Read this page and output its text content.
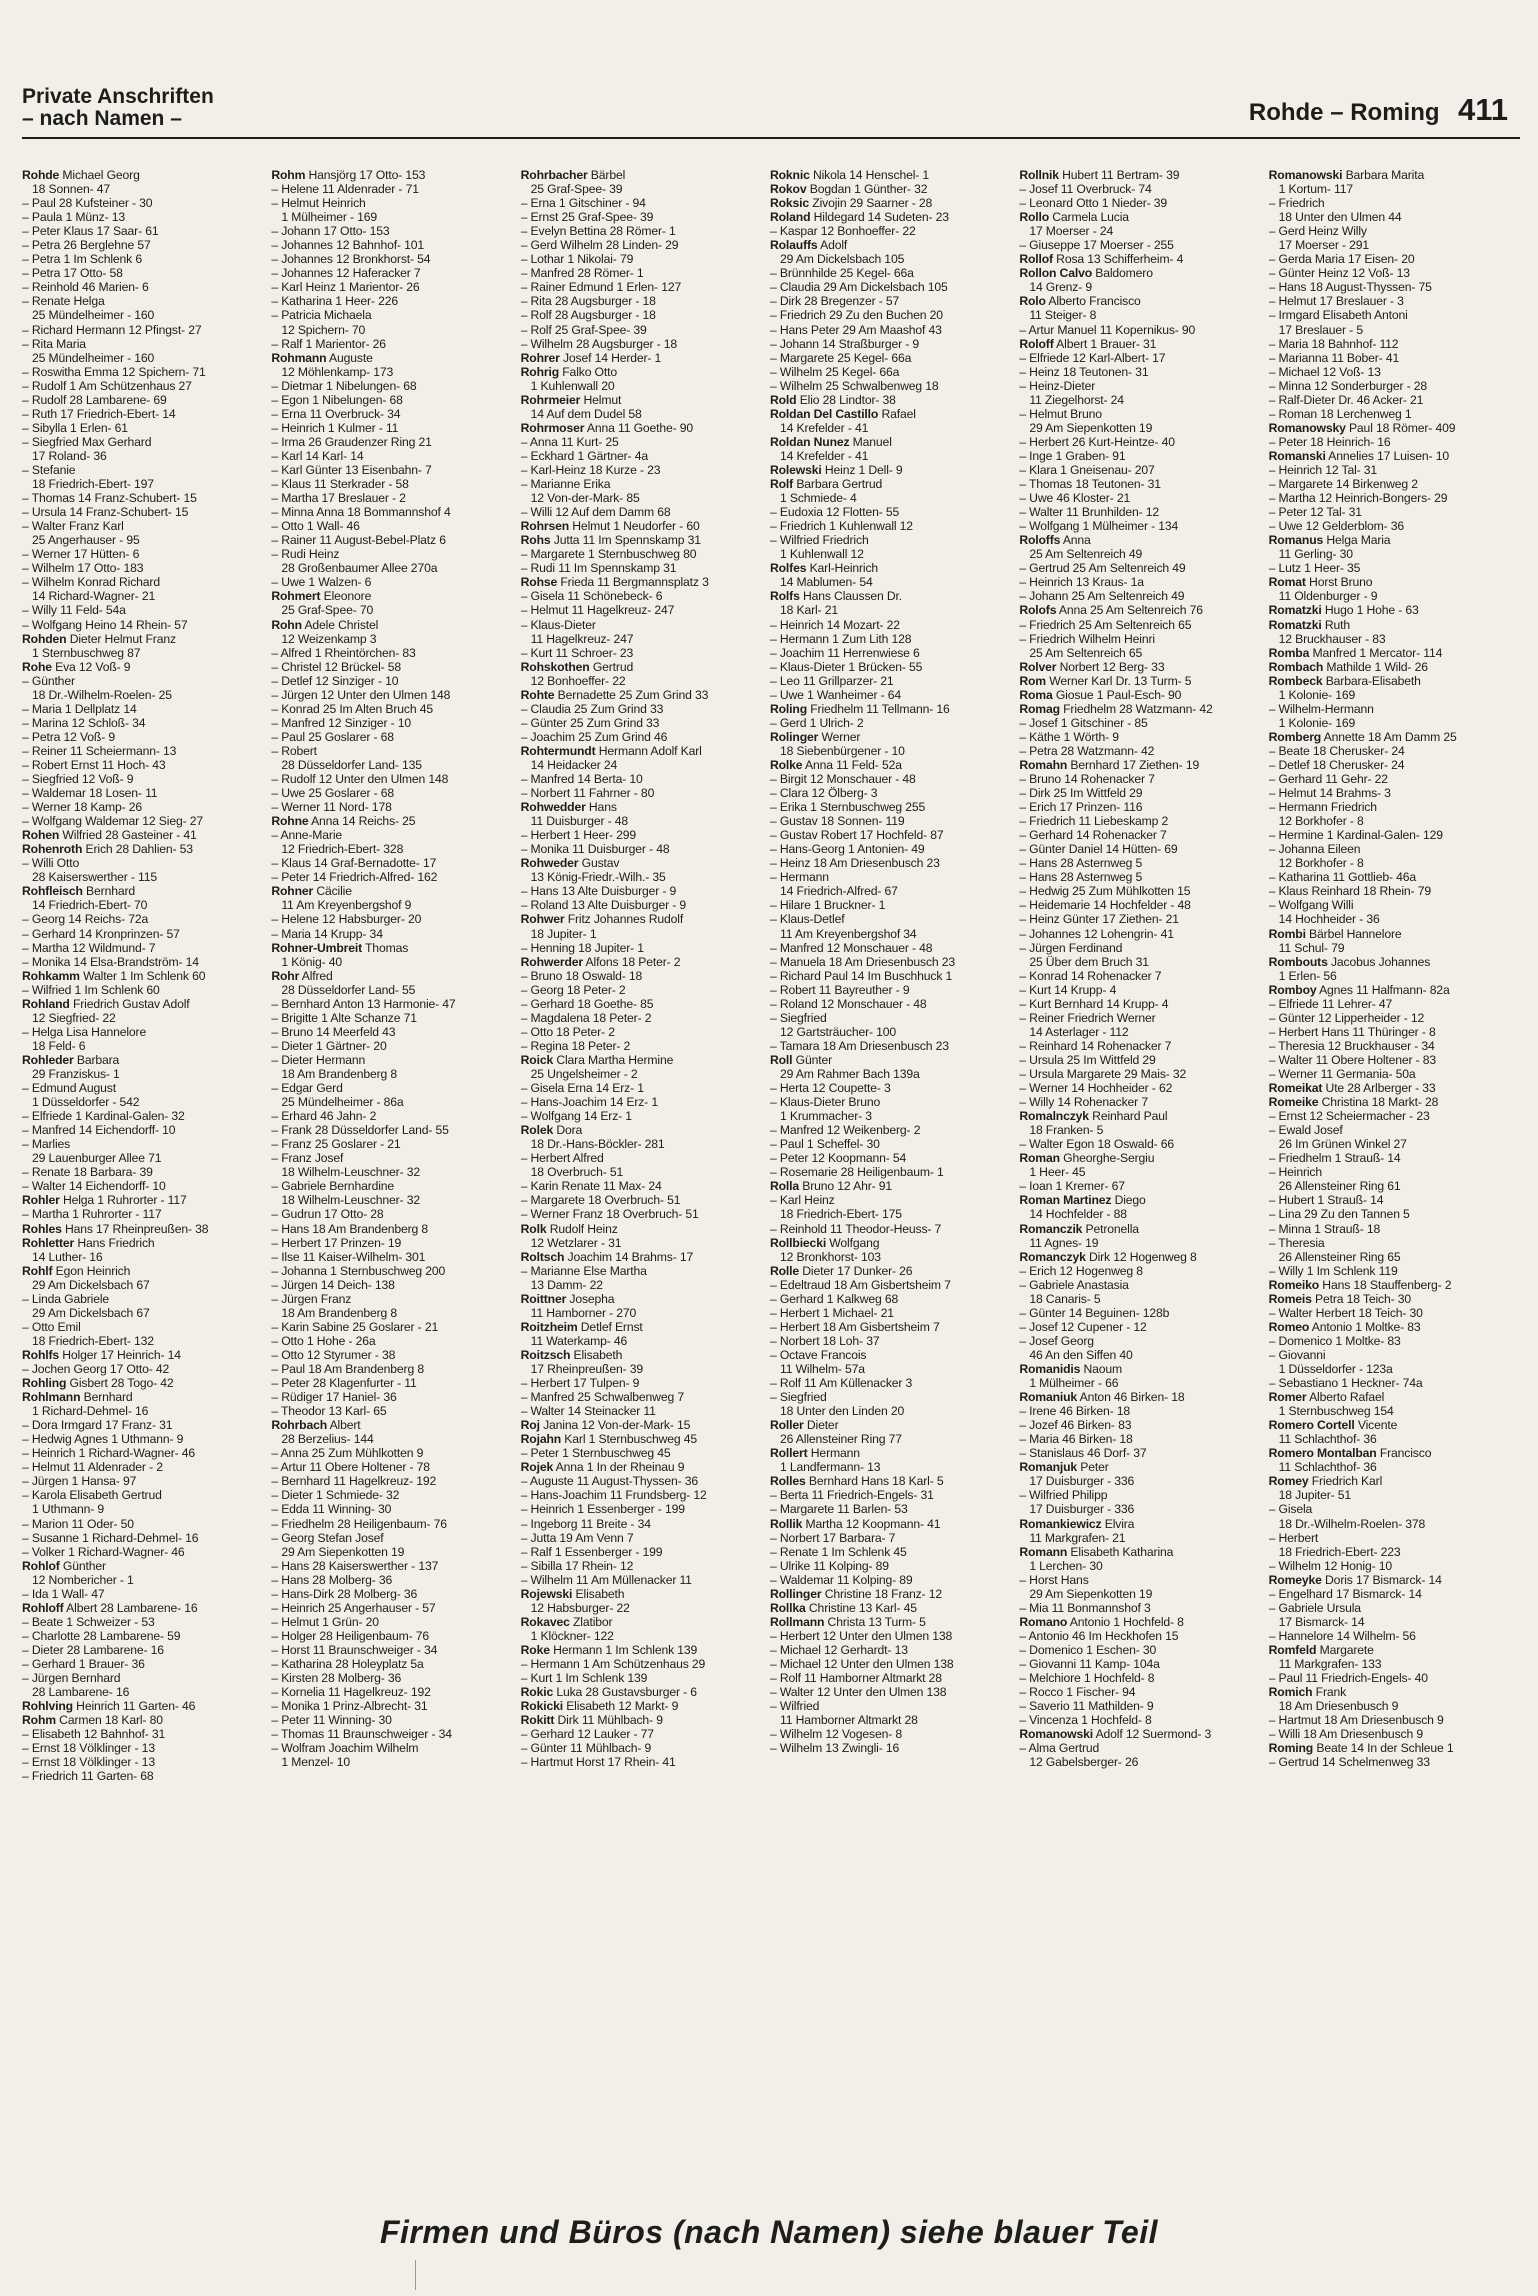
Private Anschriften
– nach Namen –	Rohde – Roming 411
Rohde Michael Georg
18 Sonnen- 47
– Paul 28 Kufsteiner - 30
– Paula 1 Münz- 13
– Peter Klaus 17 Saar- 61
– Petra 26 Berglehne 57
– Petra 1 Im Schlenk 6
– Petra 17 Otto- 58
– Reinhold 46 Marien- 6
– Renate Helga
25 Mündelheimer - 160
– Richard Hermann 12 Pfingst- 27
– Rita Maria
25 Mündelheimer - 160
– Roswitha Emma 12 Spichern- 71
– Rudolf 1 Am Schützenhaus 27
– Rudolf 28 Lambarene- 69
– Ruth 17 Friedrich-Ebert- 14
– Sibylla 1 Erlen- 61
– Siegfried Max Gerhard
17 Roland- 36
– Stefanie
18 Friedrich-Ebert- 197
– Thomas 14 Franz-Schubert- 15
– Ursula 14 Franz-Schubert- 15
– Walter Franz Karl
25 Angerhauser - 95
– Werner 17 Hütten- 6
– Wilhelm 17 Otto- 183
– Wilhelm Konrad Richard
14 Richard-Wagner- 21
– Willy 11 Feld- 54a
– Wolfgang Heino 14 Rhein- 57
Rohden Dieter Helmut Franz
1 Sternbuschweg 87
Rohe Eva 12 Voß- 9
– Günther
18 Dr.-Wilhelm-Roelen- 25
– Maria 1 Dellplatz 14
– Marina 12 Schloß- 34
– Petra 12 Voß- 9
– Reiner 11 Scheiermann- 13
– Robert Ernst 11 Hoch- 43
– Siegfried 12 Voß- 9
– Waldemar 18 Losen- 11
– Werner 18 Kamp- 26
– Wolfgang Waldemar 12 Sieg- 27
Rohen Wilfried 28 Gasteiner - 41
Rohenroth Erich 28 Dahlien- 53
– Willi Otto
28 Kaiserswerther - 115
Rohfleisch Bernhard
14 Friedrich-Ebert- 70
– Georg 14 Reichs- 72a
– Gerhard 14 Kronprinzen- 57
– Martha 12 Wildmund- 7
– Monika 14 Elsa-Brandström- 14
Rohkamm Walter 1 Im Schlenk 60
– Wilfried 1 Im Schlenk 60
Rohland Friedrich Gustav Adolf
12 Siegfried- 22
– Helga Lisa Hannelore
18 Feld- 6
Rohleder Barbara
29 Franziskus- 1
– Edmund August
1 Düsseldorfer - 542
– Elfriede 1 Kardinal-Galen- 32
– Manfred 14 Eichendorff- 10
– Marlies
29 Lauenburger Allee 71
– Renate 18 Barbara- 39
– Walter 14 Eichendorff- 10
Rohler Helga 1 Ruhrorter - 117
– Martha 1 Ruhrorter - 117
Rohles Hans 17 Rheinpreußen- 38
Rohletter Hans Friedrich
14 Luther- 16
Rohlf Egon Heinrich
29 Am Dickelsbach 67
– Linda Gabriele
29 Am Dickelsbach 67
– Otto Emil
18 Friedrich-Ebert- 132
Rohlfs Holger 17 Heinrich- 14
– Jochen Georg 17 Otto- 42
Rohling Gisbert 28 Togo- 42
Rohlmann Bernhard
1 Richard-Dehmel- 16
– Dora Irmgard 17 Franz- 31
– Hedwig Agnes 1 Uthmann- 9
– Heinrich 1 Richard-Wagner- 46
– Helmut 11 Aldenrader - 2
– Jürgen 1 Hansa- 97
– Karola Elisabeth Gertrud
1 Uthmann- 9
– Marion 11 Oder- 50
– Susanne 1 Richard-Dehmel- 16
– Volker 1 Richard-Wagner- 46
Rohlof Günther
12 Nombericher - 1
– Ida 1 Wall- 47
Rohloff Albert 28 Lambarene- 16
– Beate 1 Schweizer - 53
– Charlotte 28 Lambarene- 59
– Dieter 28 Lambarene- 16
– Gerhard 1 Brauer- 36
– Jürgen Bernhard
28 Lambarene- 16
Rohlving Heinrich 11 Garten- 46
Rohm Carmen 18 Karl- 80
– Elisabeth 12 Bahnhof- 31
– Ernst 18 Völklinger - 13
– Ernst 18 Völklinger - 13
– Friedrich 11 Garten- 68
Rohm Hansjörg 17 Otto- 153
– Helene 11 Aldenrader - 71
– Helmut Heinrich
1 Mülheimer - 169
– Johann 17 Otto- 153
– Johannes 12 Bahnhof- 101
– Johannes 12 Bronkhorst- 54
– Johannes 12 Haferacker 7
– Karl Heinz 1 Marientor- 26
– Katharina 1 Heer- 226
– Patricia Michaela
12 Spichern- 70
– Ralf 1 Marientor- 26
Rohmann Auguste
12 Möhlenkamp- 173
– Dietmar 1 Nibelungen- 68
– Egon 1 Nibelungen- 68
– Erna 11 Overbruck- 34
– Heinrich 1 Kulmer - 11
– Irma 26 Graudenzer Ring 21
– Karl 14 Karl- 14
– Karl Günter 13 Eisenbahn- 7
– Klaus 11 Sterkrader - 58
– Martha 17 Breslauer - 2
– Minna Anna 18 Bommannshof 4
– Otto 1 Wall- 46
– Rainer 11 August-Bebel-Platz 6
– Rudi Heinz
28 Großenbaumer Allee 270a
– Uwe 1 Walzen- 6
Rohmert Eleonore
25 Graf-Spee- 70
Rohn Adele Christel
12 Weizenkamp 3
– Alfred 1 Rheintörchen- 83
– Christel 12 Brückel- 58
– Detlef 12 Sinziger - 10
– Jürgen 12 Unter den Ulmen 148
– Konrad 25 Im Alten Bruch 45
– Manfred 12 Sinziger - 10
– Paul 25 Goslarer - 68
– Robert
28 Düsseldorfer Land- 135
– Rudolf 12 Unter den Ulmen 148
– Uwe 25 Goslarer - 68
– Werner 11 Nord- 178
Rohne Anna 14 Reichs- 25
– Anne-Marie
12 Friedrich-Ebert- 328
– Klaus 14 Graf-Bernadotte- 17
– Peter 14 Friedrich-Alfred- 162
Rohner Cäcilie
11 Am Kreyenbergshof 9
– Helene 12 Habsburger- 20
– Maria 14 Krupp- 34
Rohner-Umbreit Thomas
1 König- 40
Rohr Alfred
28 Düsseldorfer Land- 55
– Bernhard Anton 13 Harmonie- 47
– Brigitte 1 Alte Schanze 71
– Bruno 14 Meerfeld 43
– Dieter 1 Gärtner- 20
– Dieter Hermann
18 Am Brandenberg 8
– Edgar Gerd
25 Mündelheimer - 86a
– Erhard 46 Jahn- 2
– Frank 28 Düsseldorfer Land- 55
– Franz 25 Goslarer - 21
– Franz Josef
18 Wilhelm-Leuschner- 32
– Gabriele Bernhardine
18 Wilhelm-Leuschner- 32
– Gudrun 17 Otto- 28
– Hans 18 Am Brandenberg 8
– Herbert 17 Prinzen- 19
– Ilse 11 Kaiser-Wilhelm- 301
– Johanna 1 Sternbuschweg 200
– Jürgen 14 Deich- 138
– Jürgen Franz
18 Am Brandenberg 8
– Karin Sabine 25 Goslarer - 21
– Otto 1 Hohe - 26a
– Otto 12 Styrumer - 38
– Paul 18 Am Brandenberg 8
– Peter 28 Klagenfurter - 11
– Rüdiger 17 Haniel- 36
– Theodor 13 Karl- 65
Rohrbach Albert
28 Berzelius- 144
– Anna 25 Zum Mühlkotten 9
– Artur 11 Obere Holtener - 78
– Bernhard 11 Hagelkreuz- 192
– Dieter 1 Schmiede- 32
– Edda 11 Winning- 30
– Friedhelm 28 Heiligenbaum- 76
– Georg Stefan Josef
29 Am Siepenkotten 19
– Hans 28 Kaiserswerther - 137
– Hans 28 Molberg- 36
– Hans-Dirk 28 Molberg- 36
– Heinrich 25 Angerhauser - 57
– Helmut 1 Grün- 20
– Holger 28 Heiligenbaum- 76
– Horst 11 Braunschweiger - 34
– Katharina 28 Holeyplatz 5a
– Kirsten 28 Molberg- 36
– Kornelia 11 Hagelkreuz- 192
– Monika 1 Prinz-Albrecht- 31
– Peter 11 Winning- 30
– Thomas 11 Braunschweiger - 34
– Wolfram Joachim Wilhelm
1 Menzel- 10
Rohrbacher Bärbel
25 Graf-Spee- 39
– Erna 1 Gitschiner - 94
– Ernst 25 Graf-Spee- 39
– Evelyn Bettina 28 Römer- 1
– Gerd Wilhelm 28 Linden- 29
– Lothar 1 Nikolai- 79
– Manfred 28 Römer- 1
– Rainer Edmund 1 Erlen- 127
– Rita 28 Augsburger - 18
– Rolf 28 Augsburger - 18
– Rolf 25 Graf-Spee- 39
– Wilhelm 28 Augsburger - 18
Rohrer Josef 14 Herder- 1
Rohrig Falko Otto
1 Kuhlenwall 20
Rohrmeier Helmut
14 Auf dem Dudel 58
Rohrmoser Anna 11 Goethe- 90
– Anna 11 Kurt- 25
– Eckhard 1 Gärtner- 4a
– Karl-Heinz 18 Kurze - 23
– Marianne Erika
12 Von-der-Mark- 85
– Willi 12 Auf dem Damm 68
Rohrsen Helmut 1 Neudorfer - 60
Rohs Jutta 11 Im Spennskamp 31
– Margarete 1 Sternbuschweg 80
– Rudi 11 Im Spennskamp 31
Rohse Frieda 11 Bergmannsplatz 3
– Gisela 11 Schönebeck- 6
– Helmut 11 Hagelkreuz- 247
– Klaus-Dieter
11 Hagelkreuz- 247
– Kurt 11 Schroer- 23
Rohskothen Gertrud
12 Bonhoeffer- 22
Rohte Bernadette 25 Zum Grind 33
– Claudia 25 Zum Grind 33
– Günter 25 Zum Grind 33
– Joachim 25 Zum Grind 46
Rohtermundt Hermann Adolf Karl
14 Heidacker 24
– Manfred 14 Berta- 10
– Norbert 11 Fahrner - 80
Rohwedder Hans
11 Duisburger - 48
– Herbert 1 Heer- 299
– Monika 11 Duisburger - 48
Rohweder Gustav
13 König-Friedr.-Wilh.- 35
– Hans 13 Alte Duisburger - 9
– Roland 13 Alte Duisburger - 9
Rohwer Fritz Johannes Rudolf
18 Jupiter- 1
– Henning 18 Jupiter- 1
Rohwerder Alfons 18 Peter- 2
– Bruno 18 Oswald- 18
– Georg 18 Peter- 2
– Gerhard 18 Goethe- 85
– Magdalena 18 Peter- 2
– Otto 18 Peter- 2
– Regina 18 Peter- 2
Roick Clara Martha Hermine
25 Ungelsheimer - 2
– Gisela Erna 14 Erz- 1
– Hans-Joachim 14 Erz- 1
– Wolfgang 14 Erz- 1
Rolek Dora
18 Dr.-Hans-Böckler- 281
– Herbert Alfred
18 Overbruch- 51
– Karin Renate 11 Max- 24
– Margarete 18 Overbruch- 51
– Werner Franz 18 Overbruch- 51
Rolk Rudolf Heinz
12 Wetzlarer - 31
Roltsch Joachim 14 Brahms- 17
– Marianne Else Martha
13 Damm- 22
Roittner Josepha
11 Hamborner - 270
Roitzheim Detlef Ernst
11 Waterkamp- 46
Roitzsch Elisabeth
17 Rheinpreußen- 39
– Herbert 17 Tulpen- 9
– Manfred 25 Schwalbenweg 7
– Walter 14 Steinacker 11
Roj Janina 12 Von-der-Mark- 15
Rojahn Karl 1 Sternbuschweg 45
– Peter 1 Sternbuschweg 45
Rojek Anna 1 In der Rheinau 9
– Auguste 11 August-Thyssen- 36
– Hans-Joachim 11 Frundsberg- 12
– Heinrich 1 Essenberger - 199
– Ingeborg 11 Breite - 34
– Jutta 19 Am Venn 7
– Ralf 1 Essenberger - 199
– Sibilla 17 Rhein- 12
– Wilhelm 11 Am Müllenacker 11
Rojewski Elisabeth
12 Habsburger- 22
Rokavec Zlatibor
1 Klöckner- 122
Roke Hermann 1 Im Schlenk 139
– Hermann 1 Am Schützenhaus 29
– Kurt 1 Im Schlenk 139
Rokic Luka 28 Gustavsburger - 6
Rokicki Elisabeth 12 Markt- 9
Rokitt Dirk 11 Mühlbach- 9
– Gerhard 12 Lauker - 77
– Günter 11 Mühlbach- 9
– Hartmut Horst 17 Rhein- 41
Roknic Nikola 14 Henschel- 1
Rokov Bogdan 1 Günther- 32
Roksic Zivojin 29 Saarner - 28
Roland Hildegard 14 Sudeten- 23
– Kaspar 12 Bonhoeffer- 22
Rolauffs Adolf
29 Am Dickelsbach 105
– Brünnhilde 25 Kegel- 66a
– Claudia 29 Am Dickelsbach 105
– Dirk 28 Bregenzer - 57
– Friedrich 29 Zu den Buchen 20
– Hans Peter 29 Am Maashof 43
– Johann 14 Straßburger - 9
– Margarete 25 Kegel- 66a
– Wilhelm 25 Kegel- 66a
– Wilhelm 25 Schwalbenweg 18
Rold Elio 28 Lindtor- 38
Roldan Del Castillo Rafael
14 Krefelder - 41
Roldan Nunez Manuel
14 Krefelder - 41
Rolewski Heinz 1 Dell- 9
Rolf Barbara Gertrud
1 Schmiede- 4
– Eudoxia 12 Flotten- 55
– Friedrich 1 Kuhlenwall 12
– Wilfried Friedrich
1 Kuhlenwall 12
Rolfes Karl-Heinrich
14 Mablumen- 54
Rolfs Hans Claussen Dr.
18 Karl- 21
– Heinrich 14 Mozart- 22
– Hermann 1 Zum Lith 128
– Joachim 11 Herrenwiese 6
– Klaus-Dieter 1 Brücken- 55
– Leo 11 Grillparzer- 21
– Uwe 1 Wanheimer - 64
Roling Friedhelm 11 Tellmann- 16
– Gerd 1 Ulrich- 2
Rolinger Werner
18 Siebenbürgener - 10
Rolke Anna 11 Feld- 52a
– Birgit 12 Monschauer - 48
– Clara 12 Ölberg- 3
– Erika 1 Sternbuschweg 255
– Gustav 18 Sonnen- 119
– Gustav Robert 17 Hochfeld- 87
– Hans-Georg 1 Antonien- 49
– Heinz 18 Am Driesenbusch 23
– Hermann
14 Friedrich-Alfred- 67
– Hilare 1 Bruckner- 1
– Klaus-Detlef
11 Am Kreyenbergshof 34
– Manfred 12 Monschauer - 48
– Manuela 18 Am Driesenbusch 23
– Richard Paul 14 Im Buschhuck 1
– Robert 11 Bayreuther - 9
– Roland 12 Monschauer - 48
– Siegfried
12 Gartsträucher- 100
– Tamara 18 Am Driesenbusch 23
Roll Günter
29 Am Rahmer Bach 139a
– Herta 12 Coupette- 3
– Klaus-Dieter Bruno
1 Krummacher- 3
– Manfred 12 Weikenberg- 2
– Paul 1 Scheffel- 30
– Peter 12 Koopmann- 54
– Rosemarie 28 Heiligenbaum- 1
Rolla Bruno 12 Ahr- 91
– Karl Heinz
18 Friedrich-Ebert- 175
– Reinhold 11 Theodor-Heuss- 7
Rollbiecki Wolfgang
12 Bronkhorst- 103
Rolle Dieter 17 Dunker- 26
– Edeltraud 18 Am Gisbertsheim 7
– Gerhard 1 Kalkweg 68
– Herbert 1 Michael- 21
– Herbert 18 Am Gisbertsheim 7
– Norbert 18 Loh- 37
– Octave Francois
11 Wilhelm- 57a
– Rolf 11 Am Küllenacker 3
– Siegfried
18 Unter den Linden 20
Roller Dieter
26 Allensteiner Ring 77
Rollert Hermann
1 Landfermann- 13
Rolles Bernhard Hans 18 Karl- 5
– Berta 11 Friedrich-Engels- 31
– Margarete 11 Barlen- 53
Rollik Martha 12 Koopmann- 41
– Norbert 17 Barbara- 7
– Renate 1 Im Schlenk 45
– Ulrike 11 Kolping- 89
– Waldemar 11 Kolping- 89
Rollinger Christine 18 Franz- 12
Rollka Christine 13 Karl- 45
Rollmann Christa 13 Turm- 5
– Herbert 12 Unter den Ulmen 138
– Michael 12 Gerhardt- 13
– Michael 12 Unter den Ulmen 138
– Rolf 11 Hamborner Altmarkt 28
– Walter 12 Unter den Ulmen 138
– Wilfried
11 Hamborner Altmarkt 28
– Wilhelm 12 Vogesen- 8
– Wilhelm 13 Zwingli- 16
Rollnik Hubert 11 Bertram- 39
– Josef 11 Overbruck- 74
– Leonard Otto 1 Nieder- 39
Rollo Carmela Lucia
17 Moerser - 24
– Giuseppe 17 Moerser - 255
Rollof Rosa 13 Schifferheim- 4
Rollon Calvo Baldomero
14 Grenz- 9
Rolo Alberto Francisco
11 Steiger- 8
– Artur Manuel 11 Kopernikus- 90
Roloff Albert 1 Brauer- 31
– Elfriede 12 Karl-Albert- 17
– Heinz 18 Teutonen- 31
– Heinz-Dieter
11 Ziegelhorst- 24
– Helmut Bruno
29 Am Siepenkotten 19
– Herbert 26 Kurt-Heintze- 40
– Inge 1 Graben- 91
– Klara 1 Gneisenau- 207
– Thomas 18 Teutonen- 31
– Uwe 46 Kloster- 21
– Walter 11 Brunhilden- 12
– Wolfgang 1 Mülheimer - 134
Roloffs Anna
25 Am Seltenreich 49
– Gertrud 25 Am Seltenreich 49
– Heinrich 13 Kraus- 1a
– Johann 25 Am Seltenreich 49
Rolofs Anna 25 Am Seltenreich 76
– Friedrich 25 Am Seltenreich 65
– Friedrich Wilhelm Heinri
25 Am Seltenreich 65
Rolver Norbert 12 Berg- 33
Rom Werner Karl Dr. 13 Turm- 5
Roma Giosue 1 Paul-Esch- 90
Romag Friedhelm 28 Watzmann- 42
– Josef 1 Gitschiner - 85
– Käthe 1 Wörth- 9
– Petra 28 Watzmann- 42
Romahn Bernhard 17 Ziethen- 19
– Bruno 14 Rohenacker 7
– Dirk 25 Im Wittfeld 29
– Erich 17 Prinzen- 116
– Friedrich 11 Liebeskamp 2
– Gerhard 14 Rohenacker 7
– Günter Daniel 14 Hütten- 69
– Hans 28 Asternweg 5
– Hans 28 Asternweg 5
– Hedwig 25 Zum Mühlkotten 15
– Heidemarie 14 Hochfelder - 48
– Heinz Günter 17 Ziethen- 21
– Johannes 12 Lohengrin- 41
– Jürgen Ferdinand
25 Über dem Bruch 31
– Konrad 14 Rohenacker 7
– Kurt 14 Krupp- 4
– Kurt Bernhard 14 Krupp- 4
– Reiner Friedrich Werner
14 Asterlager - 112
– Reinhard 14 Rohenacker 7
– Ursula 25 Im Wittfeld 29
– Ursula Margarete 29 Mais- 32
– Werner 14 Hochheider - 62
– Willy 14 Rohenacker 7
Romalnczyk Reinhard Paul
18 Franken- 5
– Walter Egon 18 Oswald- 66
Roman Gheorghe-Sergiu
1 Heer- 45
– Ioan 1 Kremer- 67
Roman Martinez Diego
14 Hochfelder - 88
Romanczik Petronella
11 Agnes- 19
Romanczyk Dirk 12 Hogenweg 8
– Erich 12 Hogenweg 8
– Gabriele Anastasia
18 Canaris- 5
– Günter 14 Beguinen- 128b
– Josef 12 Cupener - 12
– Josef Georg
46 An den Siffen 40
Romanidis Naoum
1 Mülheimer - 66
Romaniuk Anton 46 Birken- 18
– Irene 46 Birken- 18
– Jozef 46 Birken- 83
– Maria 46 Birken- 18
– Stanislaus 46 Dorf- 37
Romanjuk Peter
17 Duisburger - 336
– Wilfried Philipp
17 Duisburger - 336
Romankiewicz Elvira
11 Markgrafen- 21
Romann Elisabeth Katharina
1 Lerchen- 30
– Horst Hans
29 Am Siepenkotten 19
– Mia 11 Bonmannshof 3
Romano Antonio 1 Hochfeld- 8
– Antonio 46 Im Heckhofen 15
– Domenico 1 Eschen- 30
– Giovanni 11 Kamp- 104a
– Melchiore 1 Hochfeld- 8
– Rocco 1 Fischer- 94
– Saverio 11 Mathilden- 9
– Vincenza 1 Hochfeld- 8
Romanowski Adolf 12 Suermond- 3
– Alma Gertrud
12 Gabelsberger- 26
Romanowski Barbara Marita
1 Kortum- 117
– Friedrich
18 Unter den Ulmen 44
– Gerd Heinz Willy
17 Moerser - 291
– Gerda Maria 17 Eisen- 20
– Günter Heinz 12 Voß- 13
– Hans 18 August-Thyssen- 75
– Helmut 17 Breslauer - 3
– Irmgard Elisabeth Antoni
17 Breslauer - 5
– Maria 18 Bahnhof- 112
– Marianna 11 Bober- 41
– Michael 12 Voß- 13
– Minna 12 Sonderburger - 28
– Ralf-Dieter Dr. 46 Acker- 21
– Roman 18 Lerchenweg 1
Romanowsky Paul 18 Römer- 409
– Peter 18 Heinrich- 16
Romanski Annelies 17 Luisen- 10
– Heinrich 12 Tal- 31
– Margarete 14 Birkenweg 2
– Martha 12 Heinrich-Bongers- 29
– Peter 12 Tal- 31
– Uwe 12 Gelderblom- 36
Romanus Helga Maria
11 Gerling- 30
– Lutz 1 Heer- 35
Romat Horst Bruno
11 Oldenburger - 9
Romatzki Hugo 1 Hohe - 63
Romatzki Ruth
12 Bruckhauser - 83
Romba Manfred 1 Mercator- 114
Rombach Mathilde 1 Wild- 26
Rombeck Barbara-Elisabeth
1 Kolonie- 169
– Wilhelm-Hermann
1 Kolonie- 169
Romberg Annette 18 Am Damm 25
– Beate 18 Cherusker- 24
– Detlef 18 Cherusker- 24
– Gerhard 11 Gehr- 22
– Helmut 14 Brahms- 3
– Hermann Friedrich
12 Borkhofer - 8
– Hermine 1 Kardinal-Galen- 129
– Johanna Eileen
12 Borkhofer - 8
– Katharina 11 Gottlieb- 46a
– Klaus Reinhard 18 Rhein- 79
– Wolfgang Willi
14 Hochheider - 36
Rombi Bärbel Hannelore
11 Schul- 79
Rombouts Jacobus Johannes
1 Erlen- 56
Romboy Agnes 11 Halfmann- 82a
– Elfriede 11 Lehrer- 47
– Günter 12 Lipperheider - 12
– Herbert Hans 11 Thüringer - 8
– Theresia 12 Bruckhauser - 34
– Walter 11 Obere Holtener - 83
– Werner 11 Germania- 50a
Romeikat Ute 28 Arlberger - 33
Romeike Christina 18 Markt- 28
– Ernst 12 Scheiermacher - 23
– Ewald Josef
26 Im Grünen Winkel 27
– Friedhelm 1 Strauß- 14
– Heinrich
26 Allensteiner Ring 61
– Hubert 1 Strauß- 14
– Lina 29 Zu den Tannen 5
– Minna 1 Strauß- 18
– Theresia
26 Allensteiner Ring 65
– Willy 1 Im Schlenk 119
Romeiko Hans 18 Stauffenberg- 2
Romeis Petra 18 Teich- 30
– Walter Herbert 18 Teich- 30
Romeo Antonio 1 Moltke- 83
– Domenico 1 Moltke- 83
– Giovanni
1 Düsseldorfer - 123a
– Sebastiano 1 Heckner- 74a
Romer Alberto Rafael
1 Sternbuschweg 154
Romero Cortell Vicente
11 Schlachthof- 36
Romero Montalban Francisco
11 Schlachthof- 36
Romey Friedrich Karl
18 Jupiter- 51
– Gisela
18 Dr.-Wilhelm-Roelen- 378
– Herbert
18 Friedrich-Ebert- 223
– Wilhelm 12 Honig- 10
Romeyke Doris 17 Bismarck- 14
– Engelhard 17 Bismarck- 14
– Gabriele Ursula
17 Bismarck- 14
– Hannelore 14 Wilhelm- 56
Romfeld Margarete
11 Markgrafen- 133
– Paul 11 Friedrich-Engels- 40
Romich Frank
18 Am Driesenbusch 9
– Hartmut 18 Am Driesenbusch 9
– Willi 18 Am Driesenbusch 9
Roming Beate 14 In der Schleue 1
– Gertrud 14 Schelmenweg 33
Firmen und Büros (nach Namen) siehe blauer Teil
